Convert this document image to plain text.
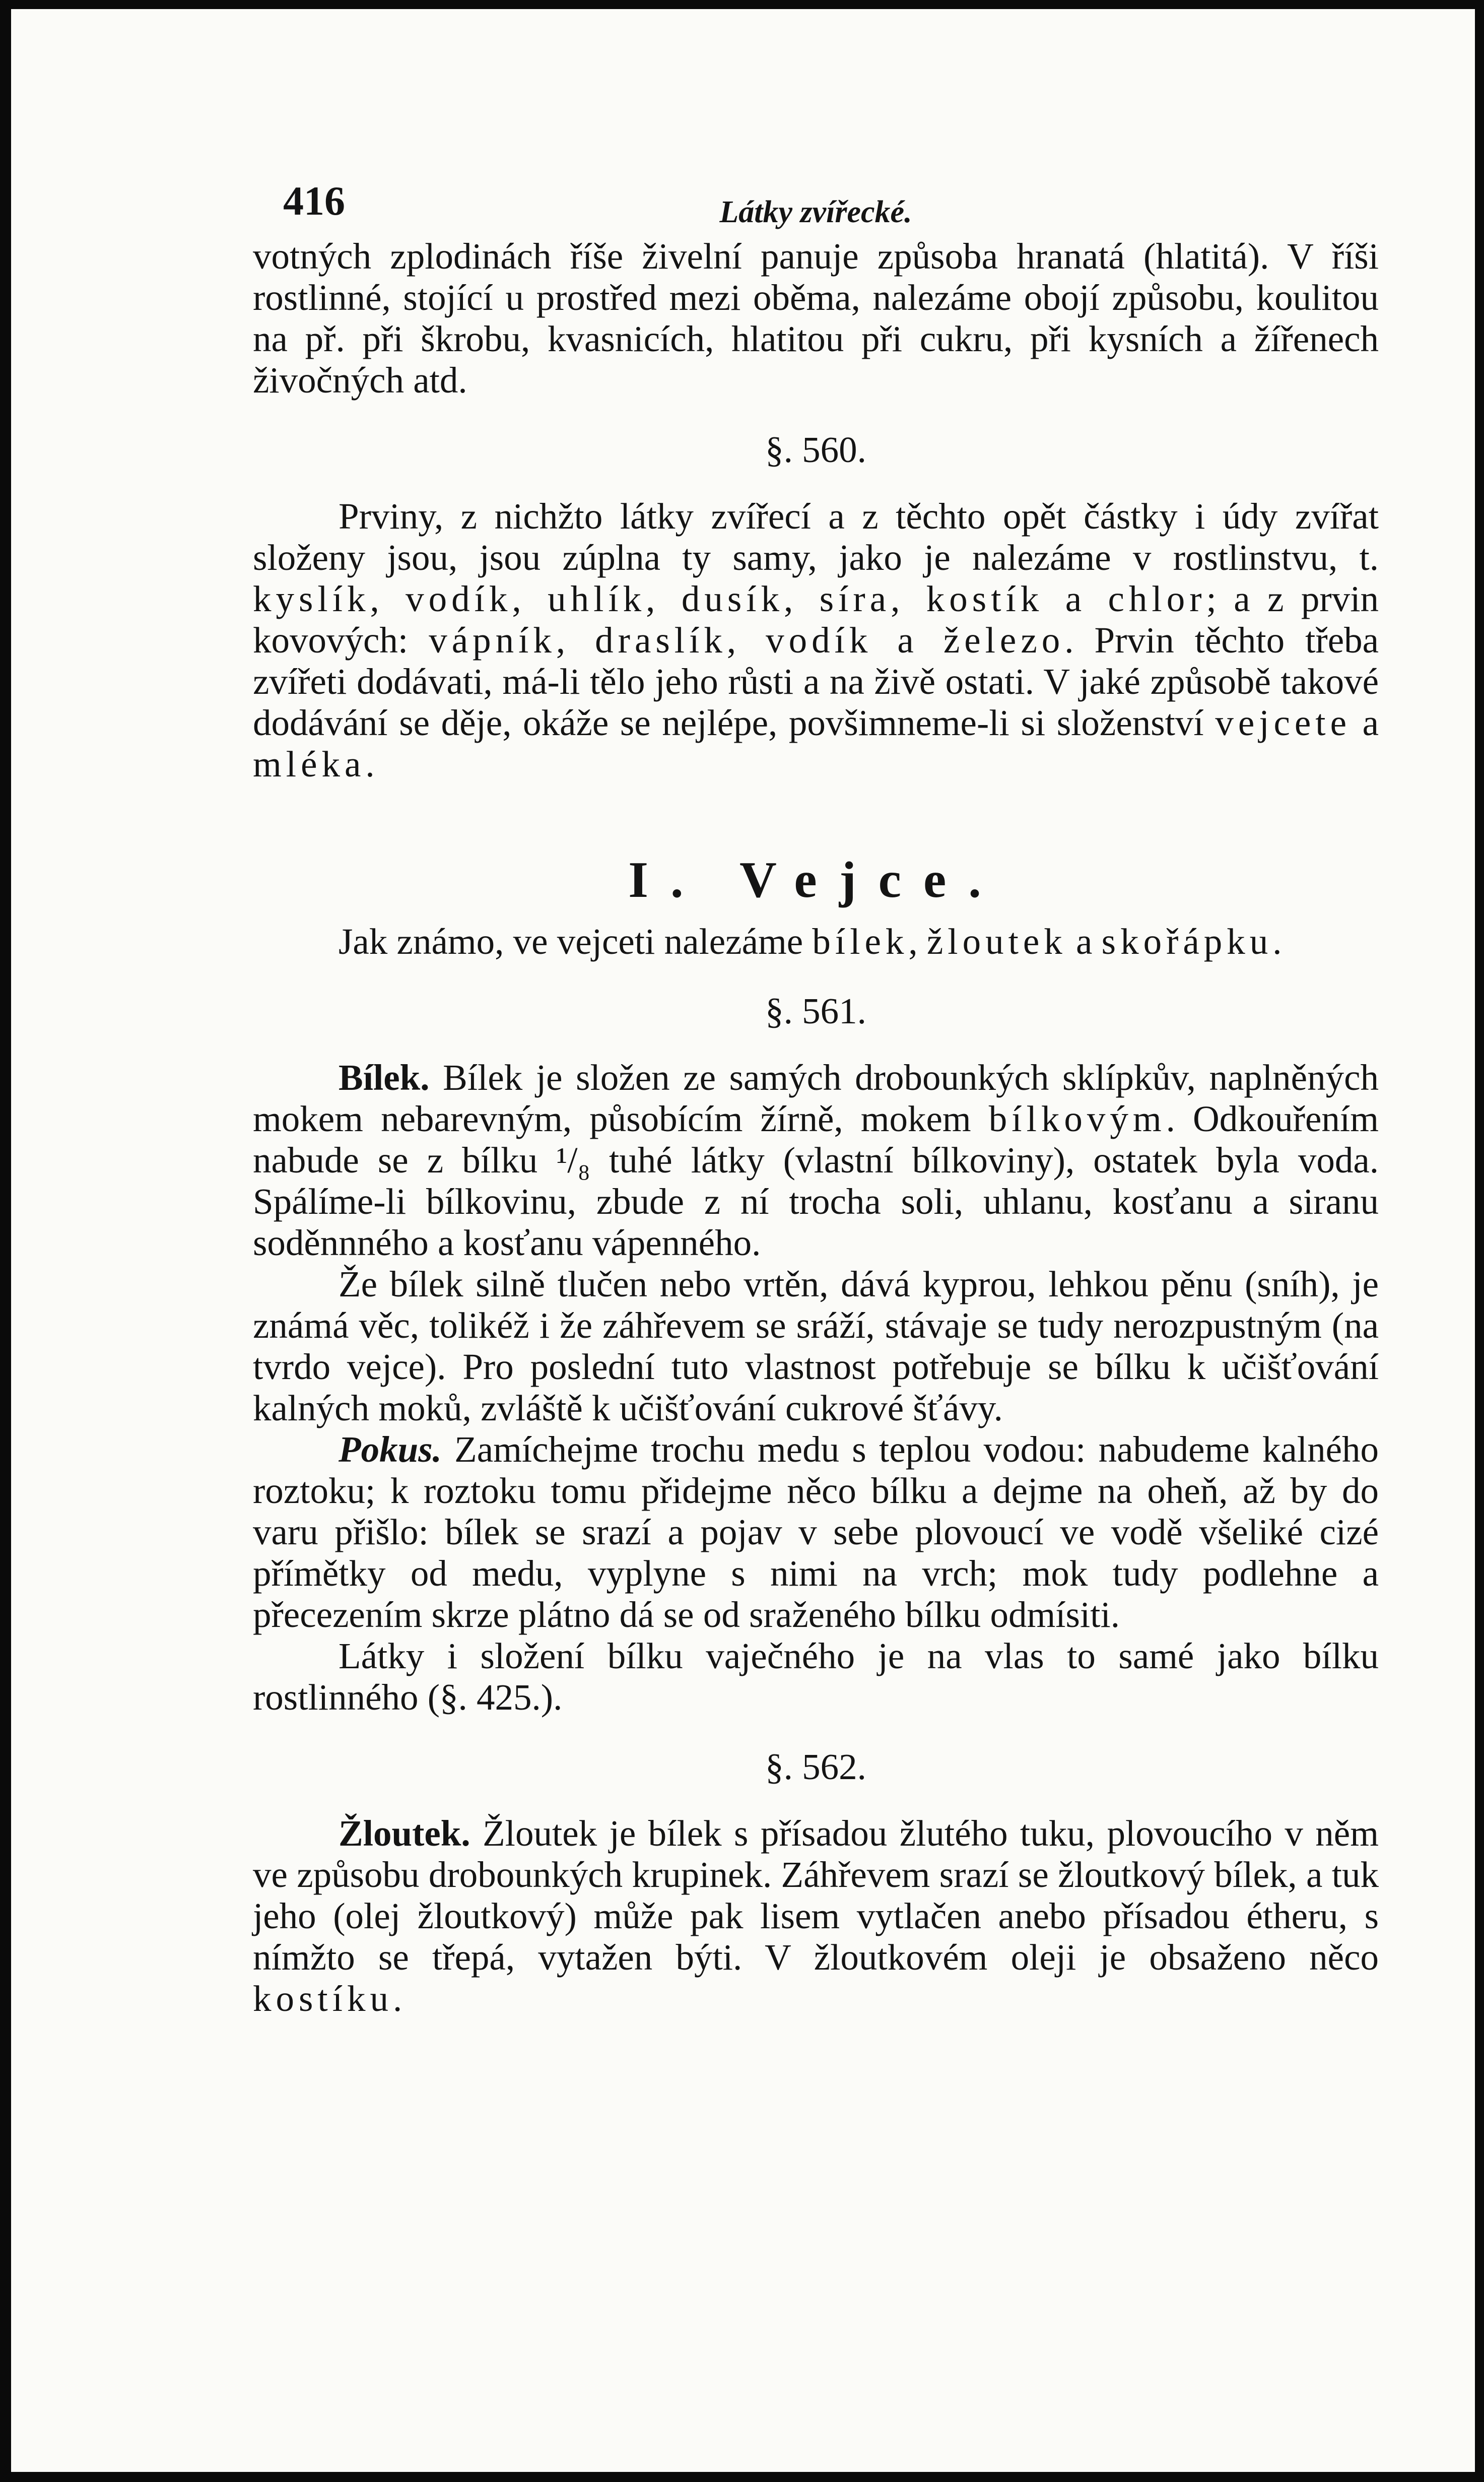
416	Látky zvířecké.

votných zplodinách říše živelní panuje způsoba hranatá (hlatitá). V říši rostlinné, stojící u prostřed mezi oběma, nalezáme obojí způsobu, koulitou na př. při škrobu, kvasnicích, hlatitou při cukru, při kysních a žířenech živočných atd.

§. 560.

Prviny, z nichžto látky zvířecí a z těchto opět částky i údy zvířat složeny jsou, jsou zúplna ty samy, jako je nalezáme v rostlinstvu, t. kyslík, vodík, uhlík, dusík, síra, kostík a chlor; a z prvin kovových: vápník, draslík, vodík a železo. Prvin těchto třeba zvířeti dodávati, má-li tělo jeho růsti a na živě ostati. V jaké způsobě takové dodávání se děje, okáže se nejlépe, povšimneme-li si složenství vejcete a mléka.

I. Vejce.

Jak známo, ve vejceti nalezáme bílek, žloutek a skořápku.

§. 561.

Bílek. Bílek je složen ze samých drobounkých sklípkův, naplněných mokem nebarevným, působícím žírně, mokem bílkovým. Odkouřením nabude se z bílku ¹/₈ tuhé látky (vlastní bílkoviny), ostatek byla voda. Spálíme-li bílkovinu, zbude z ní trocha soli, uhlanu, kosťanu a siranu soděnnného a kosťanu vápenného.

Že bílek silně tlučen nebo vrtěn, dává kyprou, lehkou pěnu (sníh), je známá věc, tolikéž i že záhřevem se sráží, stávaje se tudy nerozpustným (na tvrdo vejce). Pro poslední tuto vlastnost potřebuje se bílku k učišťování kalných moků, zvláště k učišťování cukrové šťávy.

Pokus. Zamíchejme trochu medu s teplou vodou: nabudeme kalného roztoku; k roztoku tomu přidejme něco bílku a dejme na oheň, až by do varu přišlo: bílek se srazí a pojav v sebe plovoucí ve vodě všeliké cizé přímětky od medu, vyplyne s nimi na vrch; mok tudy podlehne a přecezením skrze plátno dá se od sraženého bílku odmísiti.

Látky i složení bílku vaječného je na vlas to samé jako bílku rostlinného (§. 425.).

§. 562.

Žloutek. Žloutek je bílek s přísadou žlutého tuku, plovoucího v něm ve způsobu drobounkých krupinek. Záhřevem srazí se žloutkový bílek, a tuk jeho (olej žloutkový) může pak lisem vytlačen anebo přísadou étheru, s nímžto se třepá, vytažen býti. V žloutkovém oleji je obsaženo něco kostíku.
